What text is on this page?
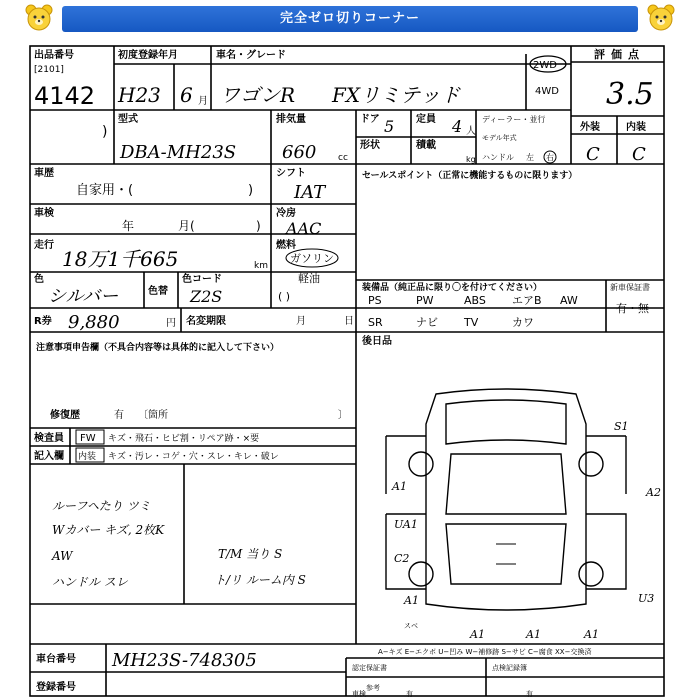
完全ゼロ切りコーナー
出品番号
[2101]
4142
)
初度登録年月
H23 6 月
車名・グレード
ワゴンR FXリミテッド
2WD
4WD
評価点
3.5
型式
DBA-MH23S
排気量
660 cc
ドア 5 定員 4 人
ディーラー・並行
モデル年式
形状	積載
kg ハンドル 左 右
外装	内装
C C
車歴
自家用・(	)
シフト
IAT
車検
年	月(	)
冷房
AAC
走行
18万1千665	km
燃料
ガソリン
軽油
( )
色
シルバー	色替
色コード
Z2S
R券 9,880	円 名変期限	月	日
セールスポイント（正常に機能するものに限ります）
装備品（純正品に限り〇を付けてください）	新車保証書
有・無
PS	PW	ABS エアB AW
SR	ナビ TV	カワ
後日品
注意事項申告欄（不具合内容等は具体的に記入して下さい）
修復歴	有 〔箇所	〕
検査員
記入欄
FW キズ・飛石・ヒビ割・リペア跡・×要
内装 キズ・汚レ・コゲ・穴・スレ・キレ・破レ
ルーフヘたり ツミ
Wカバー キズ, 2枚K
AW
ハンドル スレ
T/M 当り S
ト/リ ルーム内 S
S1
A1	A2
UA1
C2
A1	U3
A1	A1	A1
スベ
車台番号 MH23S-748305
登録番号
A−キズ E−エクボ U−凹み W−補修跡 S−サビ C−腐食 XX−交換済
認定保証書	点検記録簿
参考
車検	有	有
